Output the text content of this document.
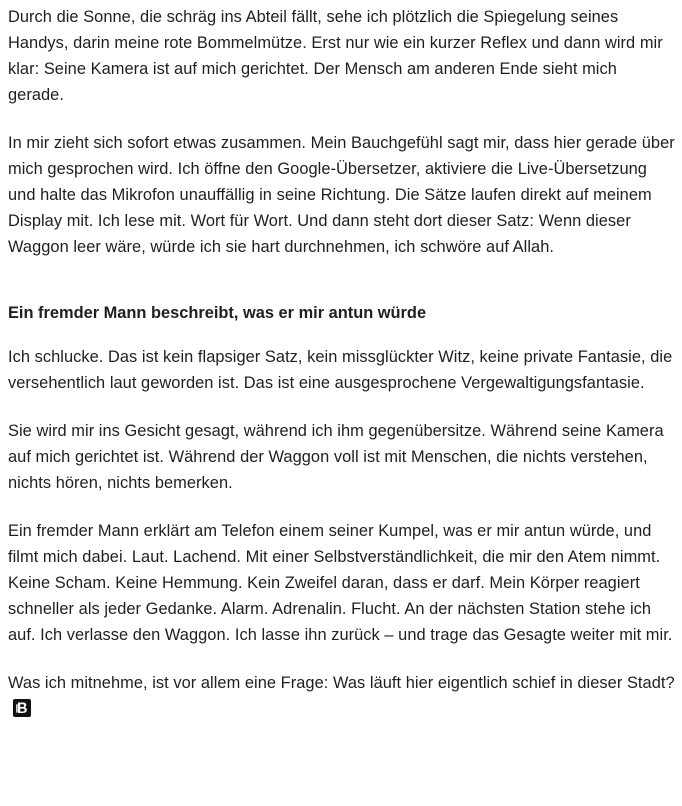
Durch die Sonne, die schräg ins Abteil fällt, sehe ich plötzlich die Spiegelung seines Handys, darin meine rote Bommelmütze. Erst nur wie ein kurzer Reflex und dann wird mir klar: Seine Kamera ist auf mich gerichtet. Der Mensch am anderen Ende sieht mich gerade.

In mir zieht sich sofort etwas zusammen. Mein Bauchgefühl sagt mir, dass hier gerade über mich gesprochen wird. Ich öffne den Google-Übersetzer, aktiviere die Live-Übersetzung und halte das Mikrofon unauffällig in seine Richtung. Die Sätze laufen direkt auf meinem Display mit. Ich lese mit. Wort für Wort. Und dann steht dort dieser Satz: Wenn dieser Waggon leer wäre, würde ich sie hart durchnehmen, ich schwöre auf Allah.

Ein fremder Mann beschreibt, was er mir antun würde

Ich schlucke. Das ist kein flapsiger Satz, kein missglückter Witz, keine private Fantasie, die versehentlich laut geworden ist. Das ist eine ausgesprochene Vergewaltigungsfantasie.

Sie wird mir ins Gesicht gesagt, während ich ihm gegenübersitze. Während seine Kamera auf mich gerichtet ist. Während der Waggon voll ist mit Menschen, die nichts verstehen, nichts hören, nichts bemerken.

Ein fremder Mann erklärt am Telefon einem seiner Kumpel, was er mir antun würde, und filmt mich dabei. Laut. Lachend. Mit einer Selbstverständlichkeit, die mir den Atem nimmt. Keine Scham. Keine Hemmung. Kein Zweifel daran, dass er darf. Mein Körper reagiert schneller als jeder Gedanke. Alarm. Adrenalin. Flucht. An der nächsten Station stehe ich auf. Ich verlasse den Waggon. Ich lasse ihn zurück – und trage das Gesagte weiter mit mir.

Was ich mitnehme, ist vor allem eine Frage: Was läuft hier eigentlich schief in dieser Stadt?
